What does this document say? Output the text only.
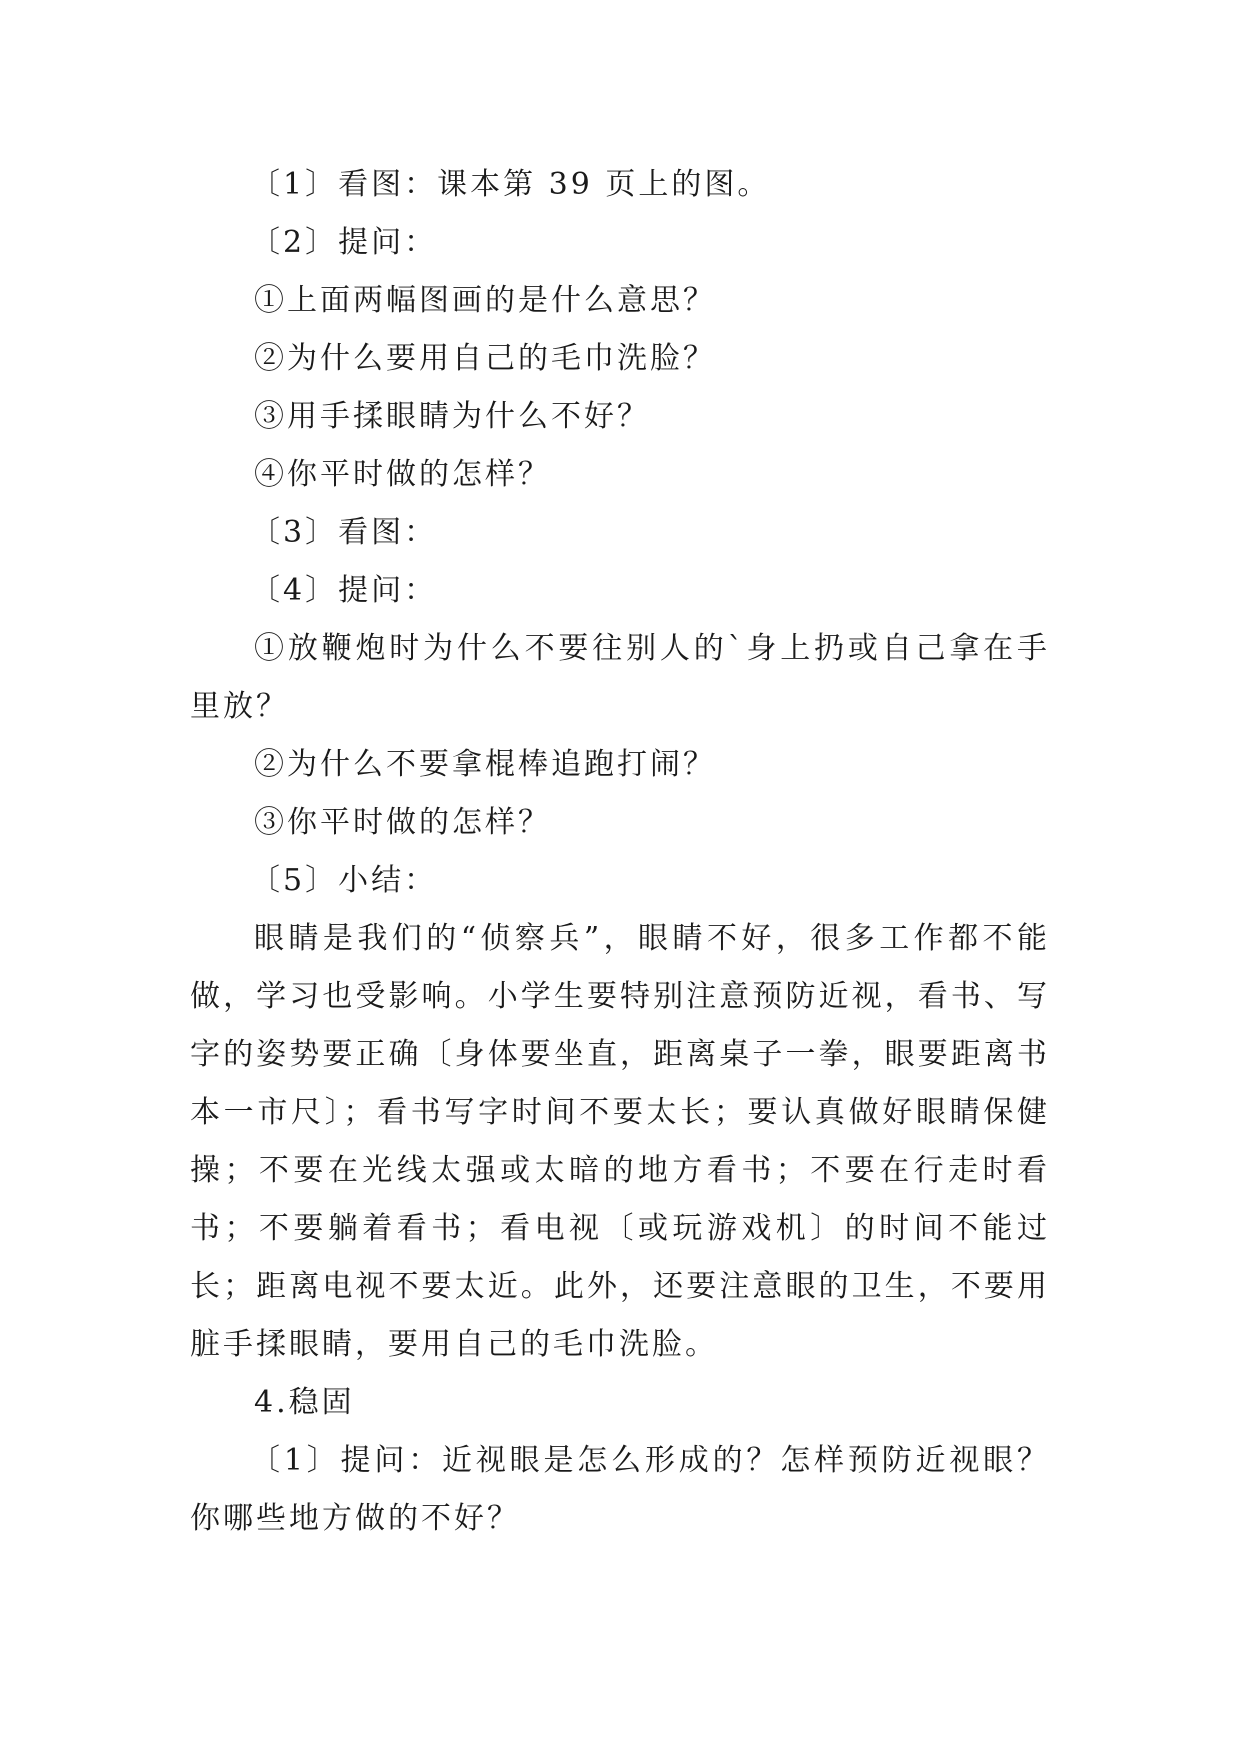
〔1〕看图：课本第 39 页上的图。

〔2〕提问：

①上面两幅图画的是什么意思？

②为什么要用自己的毛巾洗脸？

③用手揉眼睛为什么不好？

④你平时做的怎样？

〔3〕看图：

〔4〕提问：

①放鞭炮时为什么不要往别人的`身上扔或自己拿在手里放？

②为什么不要拿棍棒追跑打闹？

③你平时做的怎样？

〔5〕小结：

眼睛是我们的“侦察兵”，眼睛不好，很多工作都不能做，学习也受影响。小学生要特别注意预防近视，看书、写字的姿势要正确〔身体要坐直，距离桌子一拳，眼要距离书本一市尺〕；看书写字时间不要太长；要认真做好眼睛保健操；不要在光线太强或太暗的地方看书；不要在行走时看书；不要躺着看书；看电视〔或玩游戏机〕的时间不能过长；距离电视不要太近。此外，还要注意眼的卫生，不要用脏手揉眼睛，要用自己的毛巾洗脸。

4.稳固

〔1〕提问：近视眼是怎么形成的？怎样预防近视眼？你哪些地方做的不好？
